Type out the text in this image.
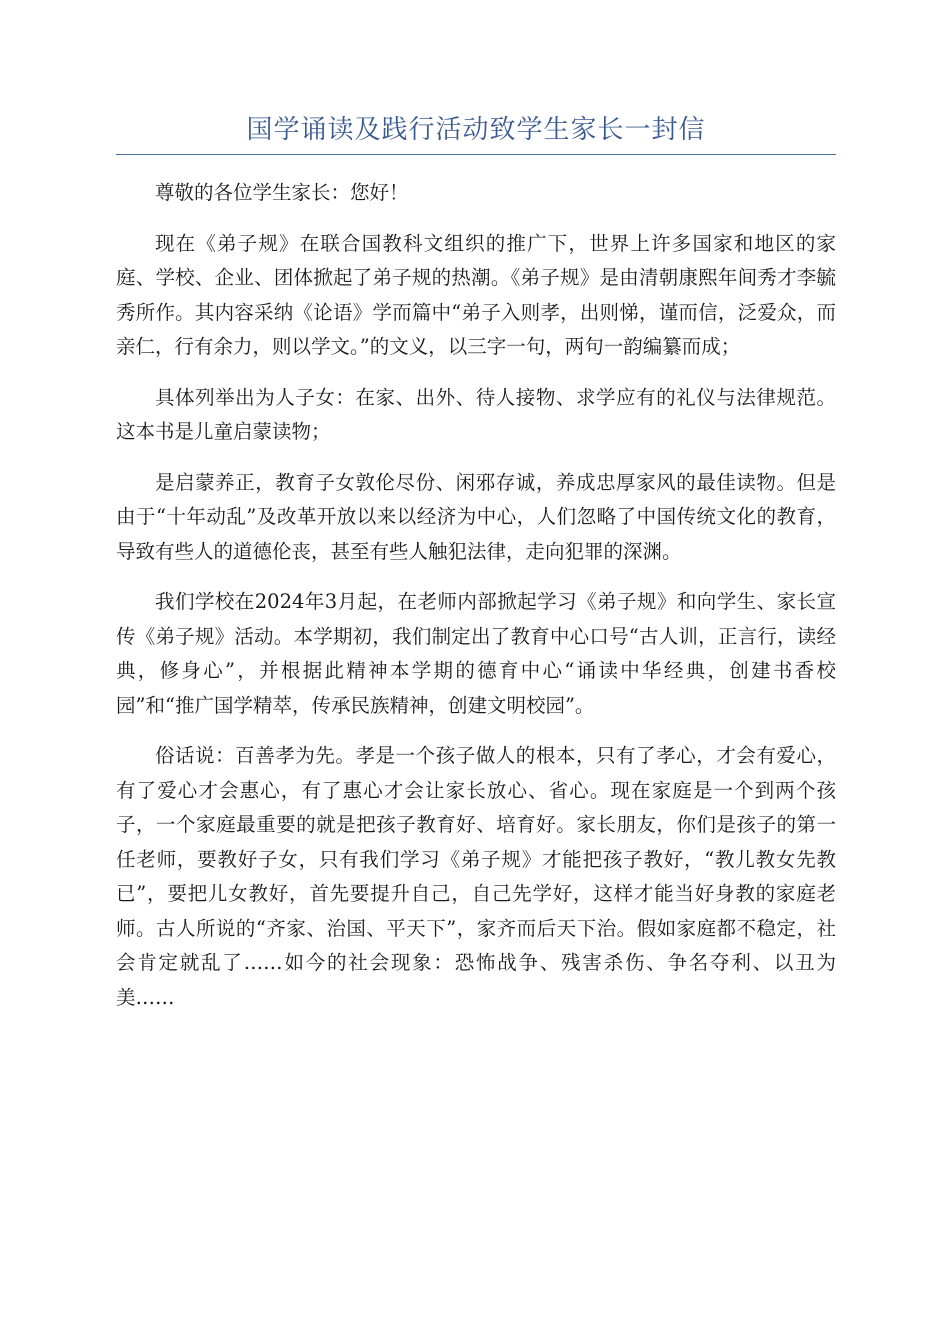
国学诵读及践行活动致学生家长一封信

尊敬的各位学生家长：您好！

现在《弟子规》在联合国教科文组织的推广下，世界上许多国家和地区的家庭、学校、企业、团体掀起了弟子规的热潮。《弟子规》是由清朝康熙年间秀才李毓秀所作。其内容采纳《论语》学而篇中“弟子入则孝，出则悌，谨而信，泛爱众，而亲仁，行有余力，则以学文。”的文义，以三字一句，两句一韵编纂而成；

具体列举出为人子女：在家、出外、待人接物、求学应有的礼仪与法律规范。这本书是儿童启蒙读物；

是启蒙养正，教育子女敦伦尽份、闲邪存诚，养成忠厚家风的最佳读物。但是由于“十年动乱”及改革开放以来以经济为中心，人们忽略了中国传统文化的教育，导致有些人的道德伦丧，甚至有些人触犯法律，走向犯罪的深渊。

我们学校在2024年3月起，在老师内部掀起学习《弟子规》和向学生、家长宣传《弟子规》活动。本学期初，我们制定出了教育中心口号“古人训，正言行，读经典，修身心”，并根据此精神本学期的德育中心“诵读中华经典，创建书香校园”和“推广国学精萃，传承民族精神，创建文明校园”。

俗话说：百善孝为先。孝是一个孩子做人的根本，只有了孝心，才会有爱心，有了爱心才会惠心，有了惠心才会让家长放心、省心。现在家庭是一个到两个孩子，一个家庭最重要的就是把孩子教育好、培育好。家长朋友，你们是孩子的第一任老师，要教好子女，只有我们学习《弟子规》才能把孩子教好，“教儿教女先教已”，要把儿女教好，首先要提升自己，自己先学好，这样才能当好身教的家庭老师。古人所说的“齐家、治国、平天下”，家齐而后天下治。假如家庭都不稳定，社会肯定就乱了……如今的社会现象：恐怖战争、残害杀伤、争名夺利、以丑为美……
